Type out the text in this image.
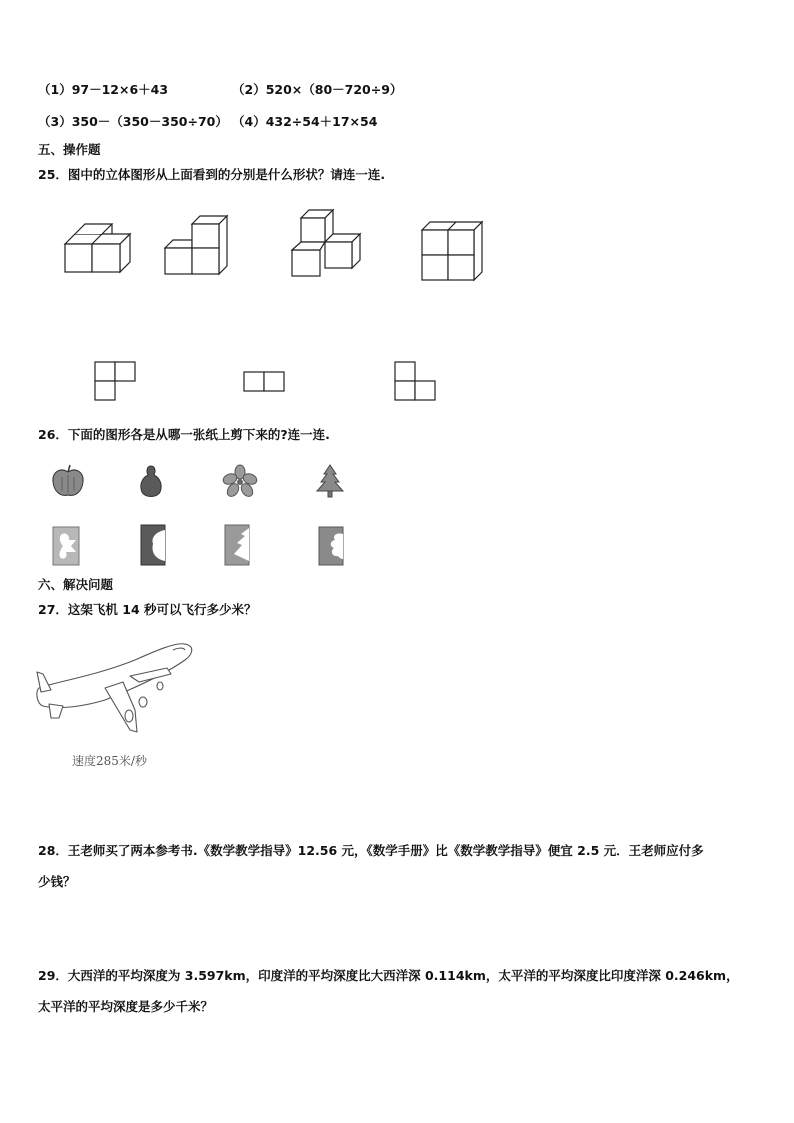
（1）97－12×6＋43	（2）520×（80－720÷9）
（3）350－（350－350÷70） （4）432÷54＋17×54
五、操作题
25．图中的立体图形从上面看到的分别是什么形状？请连一连.
26．下面的图形各是从哪一张纸上剪下来的?连一连.
六、解决问题
27．这架飞机 14 秒可以飞行多少米？
速度285米/秒
28．王老师买了两本参考书.《数学教学指导》12.56 元，《数学手册》比《数学教学指导》便宜 2.5 元．王老师应付多
少钱？
29．大西洋的平均深度为 3.597km，印度洋的平均深度比大西洋深 0.114km，太平洋的平均深度比印度洋深 0.246km，
太平洋的平均深度是多少千米？
